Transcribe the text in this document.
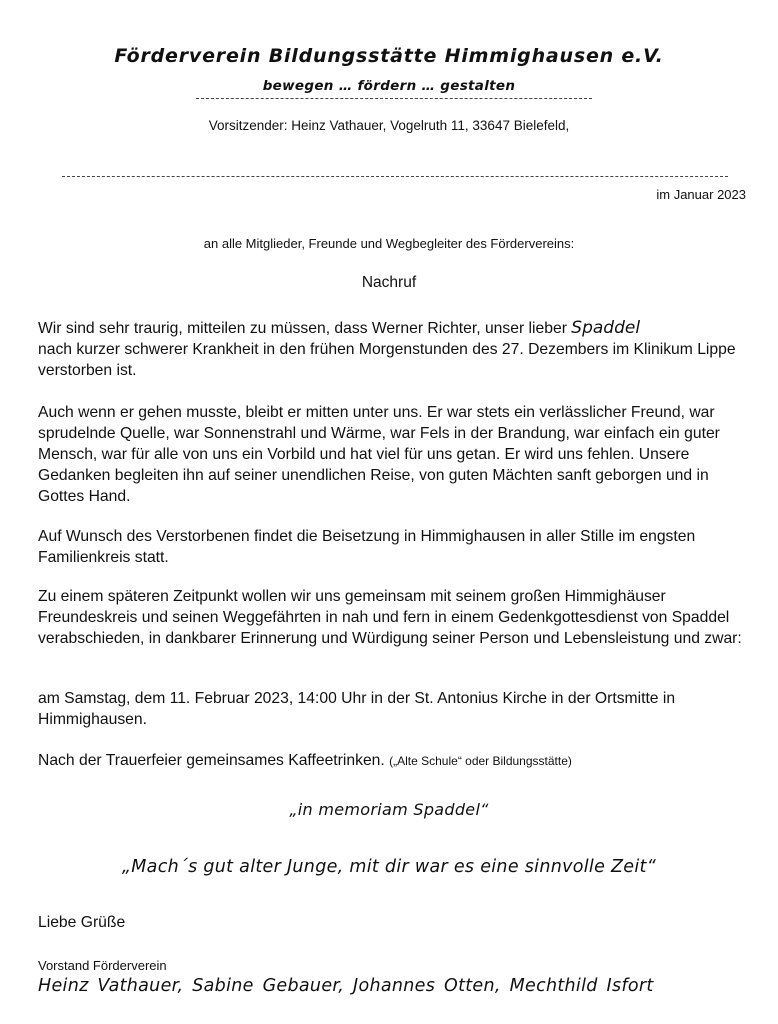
Förderverein Bildungsstätte Himmighausen e.V.
bewegen … fördern … gestalten
Vorsitzender: Heinz Vathauer, Vogelruth 11, 33647 Bielefeld,
im Januar 2023
an alle Mitglieder, Freunde und Wegbegleiter des Fördervereins:
Nachruf
Wir sind sehr traurig, mitteilen zu müssen, dass Werner Richter, unser lieber Spaddel
nach kurzer schwerer Krankheit in den frühen Morgenstunden des 27. Dezembers im Klinikum Lippe verstorben ist.
Auch wenn er gehen musste, bleibt er mitten unter uns. Er war stets ein verlässlicher Freund, war sprudelnde Quelle, war Sonnenstrahl und Wärme, war Fels in der Brandung, war einfach ein guter Mensch, war für alle von uns ein Vorbild und hat viel für uns getan. Er wird uns fehlen. Unsere Gedanken begleiten ihn auf seiner unendlichen Reise, von guten Mächten sanft geborgen und in Gottes Hand.
Auf Wunsch des Verstorbenen findet die Beisetzung in Himmighausen in aller Stille im engsten Familienkreis statt.
Zu einem späteren Zeitpunkt wollen wir uns gemeinsam mit seinem großen Himmighäuser Freundeskreis und seinen Weggefährten in nah und fern in einem Gedenkgottesdienst von Spaddel verabschieden, in dankbarer Erinnerung und Würdigung seiner Person und Lebensleistung und zwar:
am Samstag, dem 11. Februar 2023, 14:00 Uhr in der St. Antonius Kirche in der Ortsmitte in Himmighausen.
Nach der Trauerfeier gemeinsames Kaffeetrinken. („Alte Schule“ oder Bildungsstätte)
„in memoriam Spaddel“
„Mach´s gut alter Junge, mit dir war es eine sinnvolle Zeit“
Liebe Grüße
Vorstand Förderverein
Heinz Vathauer, Sabine Gebauer, Johannes Otten, Mechthild Isfort
